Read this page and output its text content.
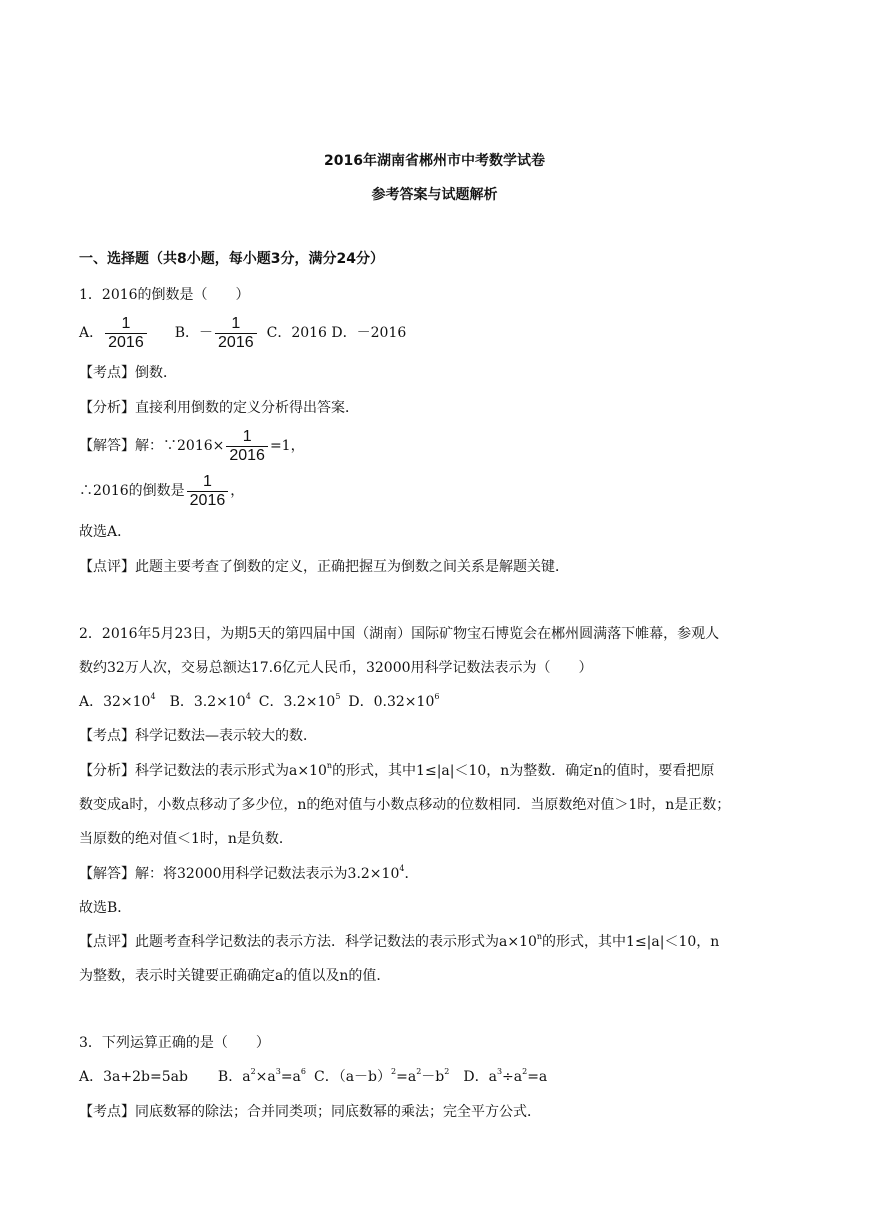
2016年湖南省郴州市中考数学试卷
参考答案与试题解析
一、选择题（共8小题，每小题3分，满分24分）
1．2016的倒数是（　　）
A． $\frac{1}{2016}$ B．－ $\frac{1}{2016}$ C．2016 D．－2016
【考点】倒数．
【分析】直接利用倒数的定义分析得出答案．
【解答】解：∵2016× $\frac{1}{2016} =1$，
∴2016的倒数是 $\frac{1}{2016}$ ，
故选A．
【点评】此题主要考查了倒数的定义，正确把握互为倒数之间关系是解题关键．
2．2016年5月23日，为期5天的第四届中国（湖南）国际矿物宝石博览会在郴州圆满落下帷幕，参观人
数约32万人次，交易总额达17.6亿元人民币，32000用科学记数法表示为（　　）
A．$32\times 10^4$ B．$3.2\times 10^4$ C．$3.2\times 10^5$ D．$0.32\times 10^6$
【考点】科学记数法—表示较大的数．
【分析】科学记数法的表示形式为$a\times 10^n$的形式，其中1≤|a|＜10，n为整数．确定n的值时，要看把原
数变成a时，小数点移动了多少位，n的绝对值与小数点移动的位数相同．当原数绝对值＞1时，n是正数；
当原数的绝对值＜1时，n是负数．
【解答】解：将32000用科学记数法表示为$3.2\times 10^4$．
故选B．
【点评】此题考查科学记数法的表示方法．科学记数法的表示形式为$a\times 10^n$的形式，其中1≤|a|＜10，n
为整数，表示时关键要正确确定a的值以及n的值．
3．下列运算正确的是（　　）
A．3a+2b=5ab B．$a^2\times a^3=a^6$ C．$(a-b)^2=a^2-b^2$ D．$a^3\div a^2=a$
【考点】同底数幂的除法；合并同类项；同底数幂的乘法；完全平方公式．
